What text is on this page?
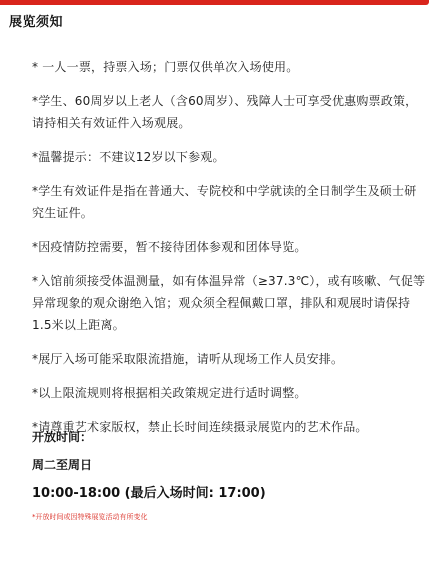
展览须知

* 一人一票，持票入场；门票仅供单次入场使用。

*学生、60周岁以上老人（含60周岁）、残障人士可享受优惠购票政策，请持相关有效证件入场观展。

*温馨提示：不建议12岁以下参观。

*学生有效证件是指在普通大、专院校和中学就读的全日制学生及硕士研究生证件。

*因疫情防控需要，暂不接待团体参观和团体导览。

*入馆前须接受体温测量，如有体温异常（≥37.3℃），或有咳嗽、气促等异常现象的观众谢绝入馆；观众须全程佩戴口罩，排队和观展时请保持1.5米以上距离。

*展厅入场可能采取限流措施，请听从现场工作人员安排。

*以上限流规则将根据相关政策规定进行适时调整。

*请尊重艺术家版权，禁止长时间连续摄录展览内的艺术作品。

开放时间：
周二至周日
10:00-18:00 (最后入场时间: 17:00)
*开放时间或因特殊展览活动有所变化
